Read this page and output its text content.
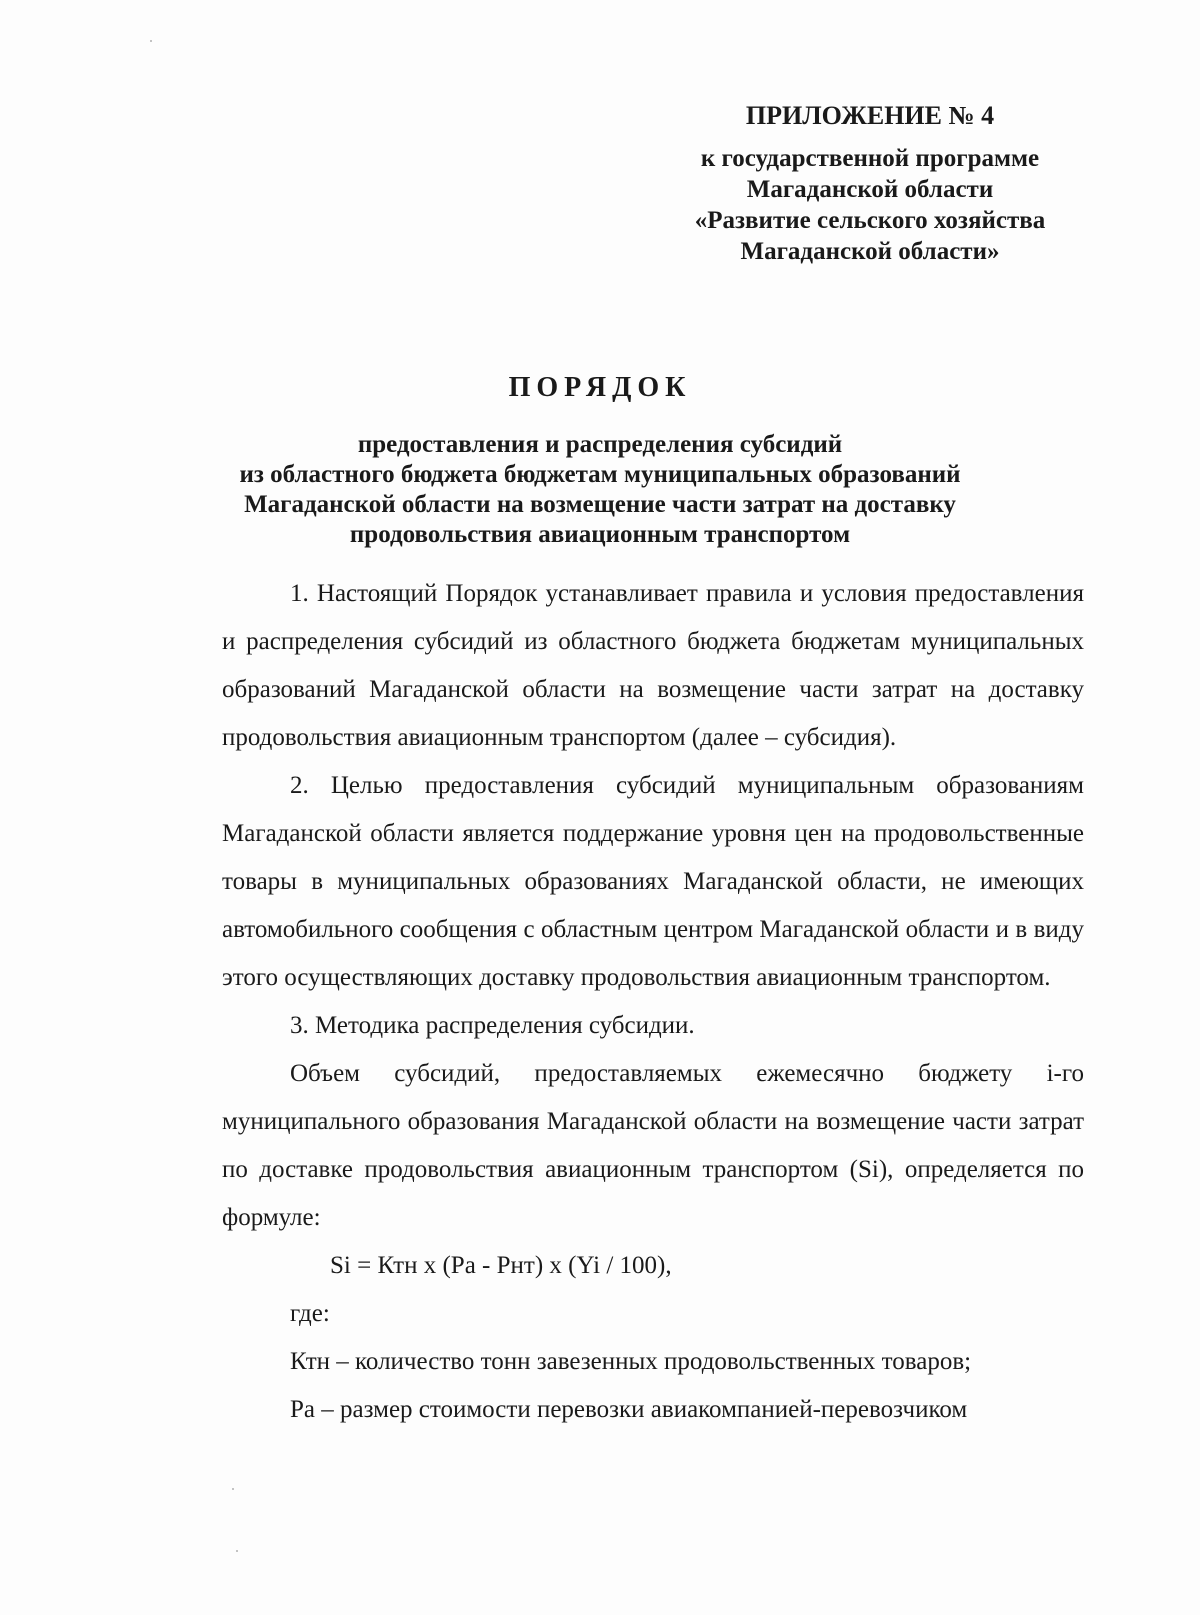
ПРИЛОЖЕНИЕ № 4
к государственной программе
Магаданской области
«Развитие сельского хозяйства
Магаданской области»
ПОРЯДОК
предоставления и распределения субсидий
из областного бюджета бюджетам муниципальных образований
Магаданской области на возмещение части затрат на доставку
продовольствия авиационным транспортом

1. Настоящий Порядок устанавливает правила и условия предоставления и распределения субсидий из областного бюджета бюджетам муниципальных образований Магаданской области на возмещение части затрат на доставку продовольствия авиационным транспортом (далее – субсидия).

2. Целью предоставления субсидий муниципальным образованиям Магаданской области является поддержание уровня цен на продовольственные товары в муниципальных образованиях Магаданской области, не имеющих автомобильного сообщения с областным центром Магаданской области и в виду этого осуществляющих доставку продовольствия авиационным транспортом.

3. Методика распределения субсидии.

Объем субсидий, предоставляемых ежемесячно бюджету i-го муниципального образования Магаданской области на возмещение части затрат по доставке продовольствия авиационным транспортом (Si), определяется по формуле:

Si = Ктн х (Ра - Рнт) х (Yi / 100),

где:

Ктн – количество тонн завезенных продовольственных товаров;

Ра – размер стоимости перевозки авиакомпанией-перевозчиком
